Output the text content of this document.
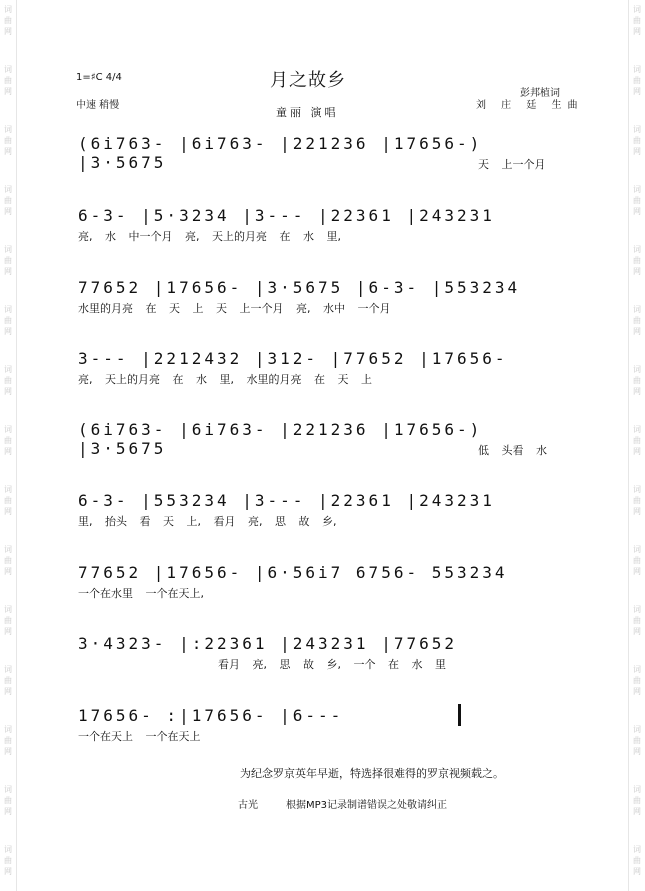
词
曲
网
词
曲
网
词
曲
网
词
曲
网
词
曲
网
词
曲
网
词
曲
网
词
曲
网
词
曲
网
词
曲
网
词
曲
网
词
曲
网
词
曲
网
词
曲
网
词
曲
网
词
曲
网
词
曲
网
词
曲
网
词
曲
网
词
曲
网
词
曲
网
词
曲
网
词
曲
网
词
曲
网
词
曲
网
词
曲
网
词
曲
网
词
曲
网
词
曲
网
词
曲
网
月之故乡
1=♯C 4/4
中速 稍慢
彭邦植词
刘 庄 廷 生曲
童丽 演唱
(6i763- |6i763- |221236 |17656-) |3·5675	天 上一个月
6-3- |5·3234 |3--- |22361 |243231
亮, 水 中一个月 亮, 天上的月亮 在 水 里,
77652 |17656- |3·5675 |6-3- |553234
水里的月亮 在 天 上 天 上一个月 亮, 水中 一个月
3--- |2212432 |312- |77652 |17656-
亮, 天上的月亮 在 水 里, 水里的月亮 在 天 上
(6i763- |6i763- |221236 |17656-) |3·5675	低 头看 水
6-3- |553234 |3--- |22361 |243231
里, 抬头 看 天 上, 看月 亮, 思 故 乡,
77652 |17656- |6·56i7 6756- 553234
一个在水里 一个在天上,
3·4323- |:22361 |243231 |77652
看月 亮, 思 故 乡, 一个 在 水 里
17656- :|17656- |6---
一个在天上 一个在天上
为纪念罗京英年早逝，特选择很难得的罗京视频载之。
古光	根据MP3记录制谱错误之处敬请纠正
